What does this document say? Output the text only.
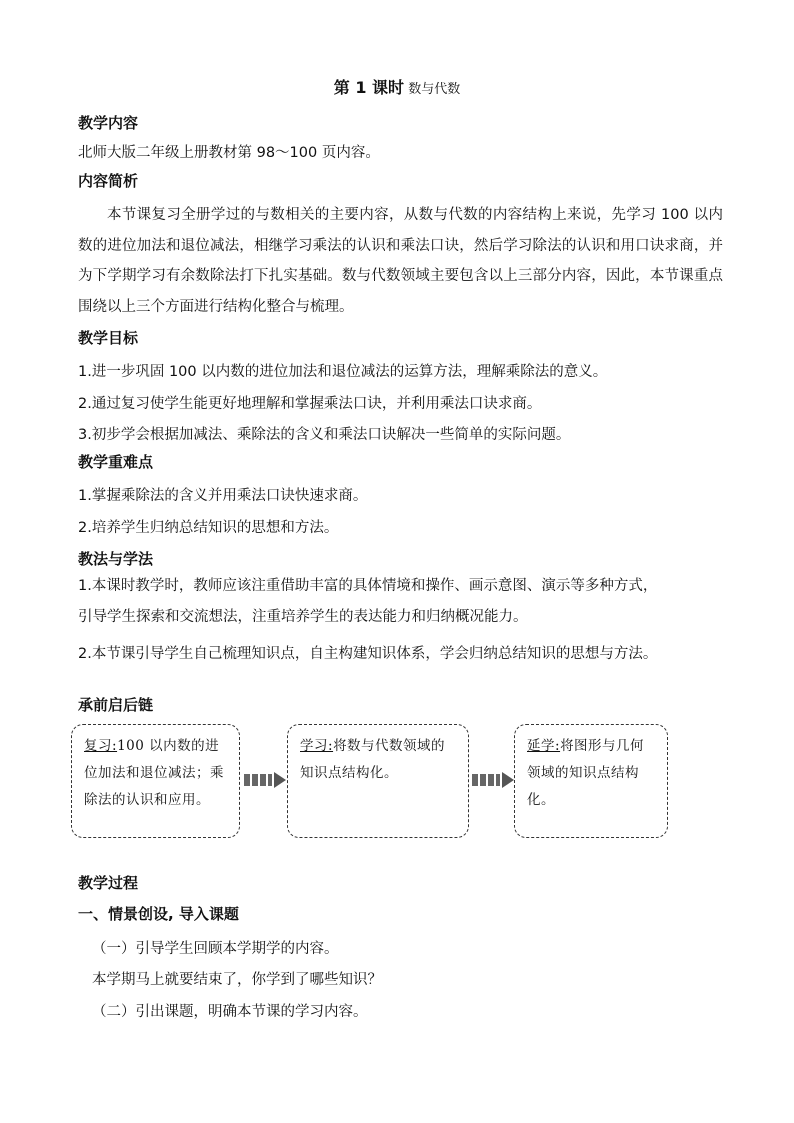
第 1 课时 数与代数
教学内容
北师大版二年级上册教材第 98～100 页内容。
内容简析

本节课复习全册学过的与数相关的主要内容，从数与代数的内容结构上来说，先学习 100 以内数的进位加法和退位减法，相继学习乘法的认识和乘法口诀，然后学习除法的认识和用口诀求商，并为下学期学习有余数除法打下扎实基础。数与代数领域主要包含以上三部分内容，因此，本节课重点围绕以上三个方面进行结构化整合与梳理。

教学目标
1.进一步巩固 100 以内数的进位加法和退位减法的运算方法，理解乘除法的意义。
2.通过复习使学生能更好地理解和掌握乘法口诀，并利用乘法口诀求商。
3.初步学会根据加减法、乘除法的含义和乘法口诀解决一些简单的实际问题。
教学重难点
1.掌握乘除法的含义并用乘法口诀快速求商。
2.培养学生归纳总结知识的思想和方法。
教法与学法
1.本课时教学时，教师应该注重借助丰富的具体情境和操作、画示意图、演示等多种方式，
引导学生探索和交流想法，注重培养学生的表达能力和归纳概况能力。
2.本节课引导学生自己梳理知识点，自主构建知识体系，学会归纳总结知识的思想与方法。
承前启后链
复习:100 以内数的进位加法和退位减法；乘除法的认识和应用。
学习:将数与代数领域的知识点结构化。
延学:将图形与几何领域的知识点结构化。
教学过程
一、情景创设, 导入课题
（一）引导学生回顾本学期学的内容。
本学期马上就要结束了，你学到了哪些知识？
（二）引出课题，明确本节课的学习内容。
